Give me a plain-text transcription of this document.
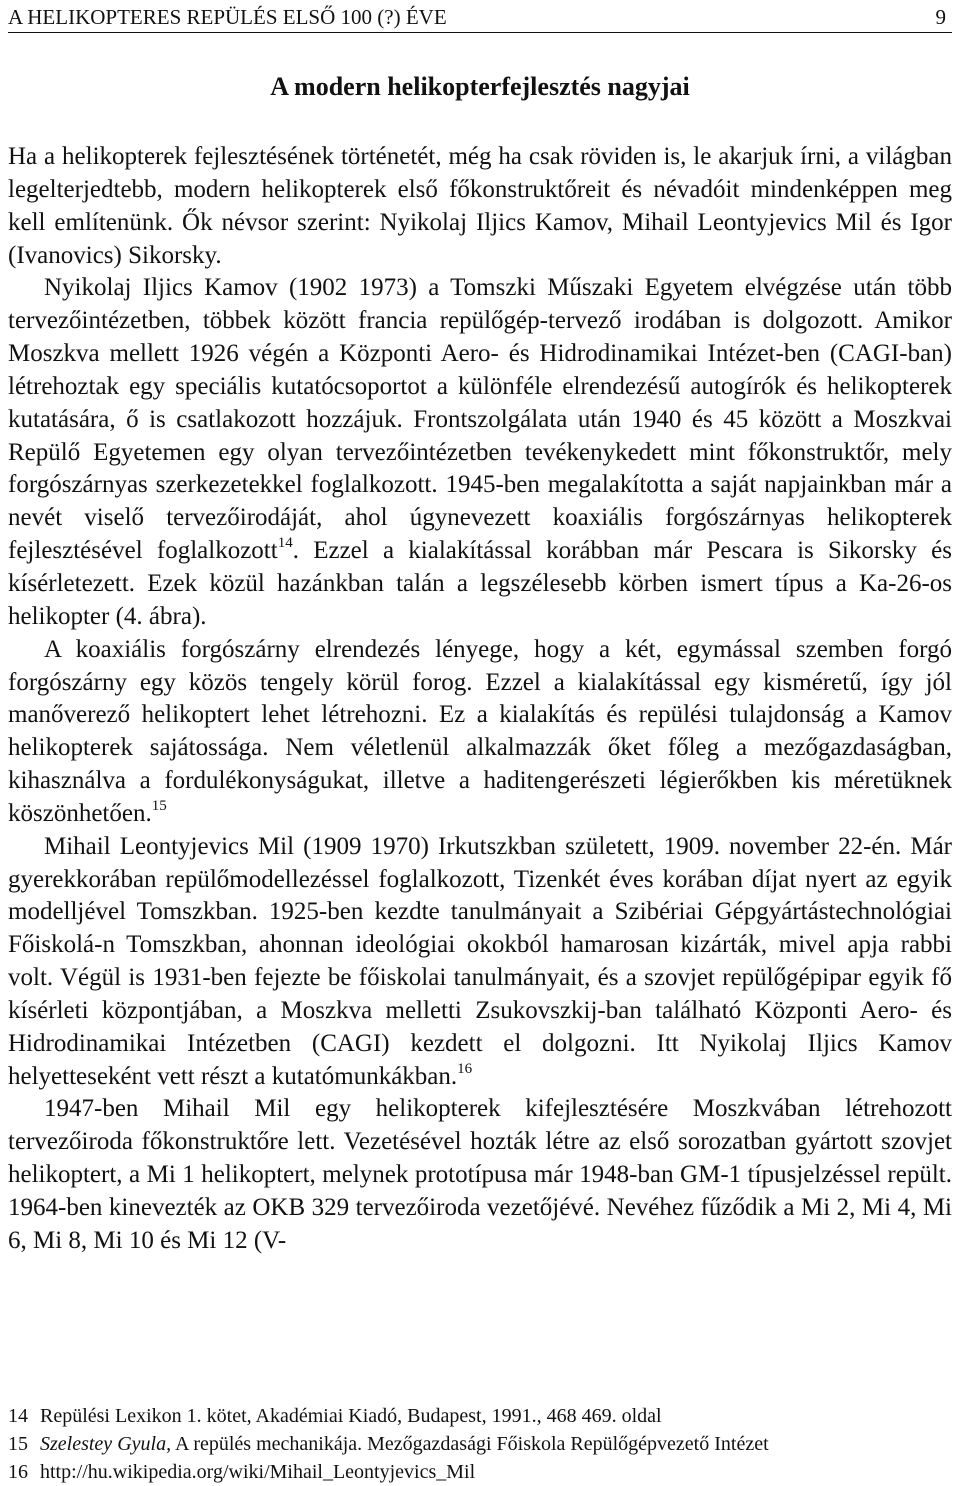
A HELIKOPTERES REPÜLÉS ELSŐ 100 (?) ÉVE	9
A modern helikopterfejlesztés nagyjai

Ha a helikopterek fejlesztésének történetét, még ha csak röviden is, le akarjuk írni, a világban legelterjedtebb, modern helikopterek első főkonstruktőreit és névadóit mindenképpen meg kell említenünk. Ők névsor szerint: Nyikolaj Iljics Kamov, Mihail Leontyjevics Mil és Igor (Ivanovics) Sikorsky.

Nyikolaj Iljics Kamov (1902 1973) a Tomszki Műszaki Egyetem elvégzése után több tervezőintézetben, többek között francia repülőgép-tervező irodában is dolgozott. Amikor Moszkva mellett 1926 végén a Központi Aero- és Hidrodinamikai Intézet-ben (CAGI-ban) létrehoztak egy speciális kutatócsoportot a különféle elrendezésű autogírók és helikopterek kutatására, ő is csatlakozott hozzájuk. Frontszolgálata után 1940 és 45 között a Moszkvai Repülő Egyetemen egy olyan tervezőintézetben tevékenykedett mint főkonstruktőr, mely forgószárnyas szerkezetekkel foglalkozott. 1945-ben megalakította a saját napjainkban már a nevét viselő tervezőirodáját, ahol úgynevezett koaxiális forgószárnyas helikopterek fejlesztésével foglalkozott$^{14}$. Ezzel a kialakítással korábban már Pescara is Sikorsky és kísérletezett. Ezek közül hazánkban talán a legszélesebb körben ismert típus a Ka-26-os helikopter (4. ábra).

A koaxiális forgószárny elrendezés lényege, hogy a két, egymással szemben forgó forgószárny egy közös tengely körül forog. Ezzel a kialakítással egy kisméretű, így jól manőverező helikoptert lehet létrehozni. Ez a kialakítás és repülési tulajdonság a Kamov helikopterek sajátossága. Nem véletlenül alkalmazzák őket főleg a mezőgazdaságban, kihasználva a fordulékonyságukat, illetve a haditengerészeti légierőkben kis méretüknek köszönhetően.$^{15}$

Mihail Leontyjevics Mil (1909 1970) Irkutszkban született, 1909. november 22-én. Már gyerekkorában repülőmodellezéssel foglalkozott, Tizenkét éves korában díjat nyert az egyik modelljével Tomszkban. 1925-ben kezdte tanulmányait a Szibériai Gépgyártástechnológiai Főiskolá-n Tomszkban, ahonnan ideológiai okokból hamarosan kizárták, mivel apja rabbi volt. Végül is 1931-ben fejezte be főiskolai tanulmányait, és a szovjet repülőgépipar egyik fő kísérleti központjában, a Moszkva melletti Zsukovszkij-ban található Központi Aero- és Hidrodinamikai Intézetben (CAGI) kezdett el dolgozni. Itt Nyikolaj Iljics Kamov helyetteseként vett részt a kutatómunkákban.$^{16}$

1947-ben Mihail Mil egy helikopterek kifejlesztésére Moszkvában létrehozott tervezőiroda főkonstruktőre lett. Vezetésével hozták létre az első sorozatban gyártott szovjet helikoptert, a Mi 1 helikoptert, melynek prototípusa már 1948-ban GM-1 típusjelzéssel repült. 1964-ben kinevezték az OKB 329 tervezőiroda vezetőjévé. Nevéhez fűződik a Mi 2, Mi 4, Mi 6, Mi 8, Mi 10 és Mi 12 (V-

14 Repülési Lexikon 1. kötet, Akadémiai Kiadó, Budapest, 1991., 468 469. oldal
15 Szelestey Gyula, A repülés mechanikája. Mezőgazdasági Főiskola Repülőgépvezető Intézet
16 http://hu.wikipedia.org/wiki/Mihail_Leontyjevics_Mil
